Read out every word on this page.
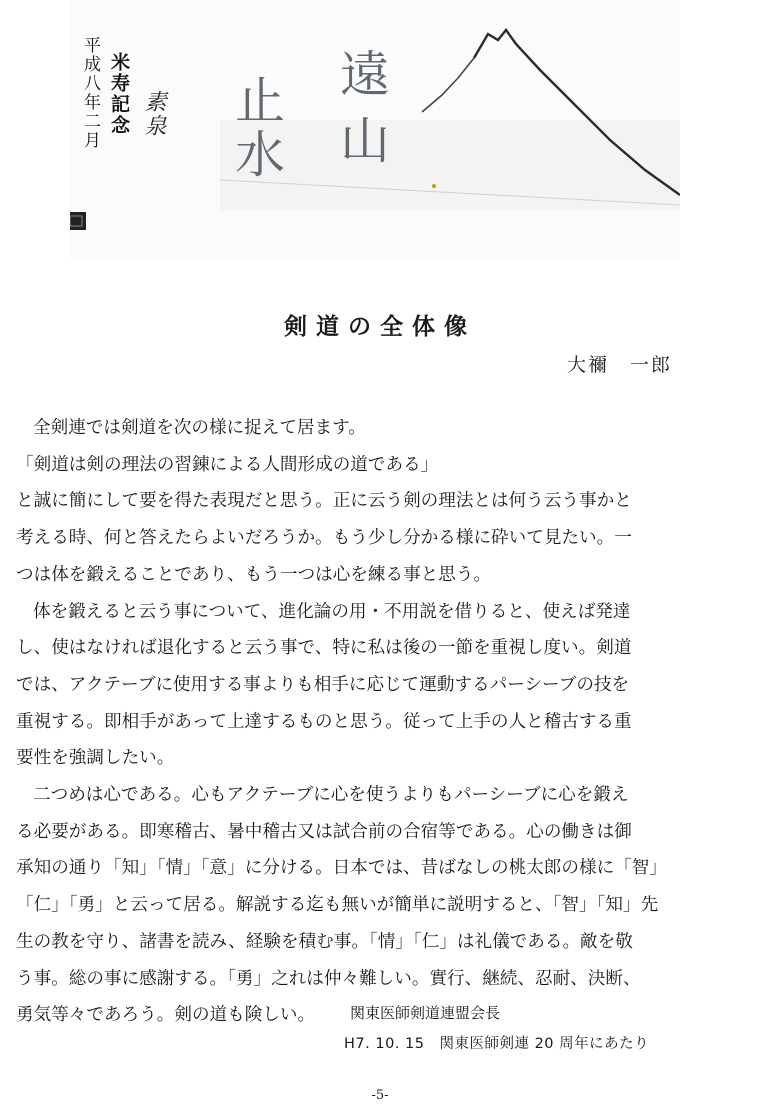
遠
山
止
水
平成八年二月 米寿記念 素泉
剣道の全体像
大禰　一郎

全剣連では剣道を次の様に捉えて居ます。

「剣道は剣の理法の習錬による人間形成の道である」

と誠に簡にして要を得た表現だと思う。正に云う剣の理法とは何う云う事かと

考える時、何と答えたらよいだろうか。もう少し分かる様に砕いて見たい。一

つは体を鍛えることであり、もう一つは心を練る事と思う。

体を鍛えると云う事について、進化論の用・不用説を借りると、使えば発達

し、使はなければ退化すると云う事で、特に私は後の一節を重視し度い。剣道

では、アクテーブに使用する事よりも相手に応じて運動するパーシーブの技を

重視する。即相手があって上達するものと思う。従って上手の人と稽古する重

要性を強調したい。

二つめは心である。心もアクテーブに心を使うよりもパーシーブに心を鍛え

る必要がある。即寒稽古、暑中稽古又は試合前の合宿等である。心の働きは御

承知の通り「知」「情」「意」に分ける。日本では、昔ばなしの桃太郎の様に「智」

「仁」「勇」と云って居る。解説する迄も無いが簡単に説明すると、「智」「知」先

生の教を守り、諸書を読み、経験を積む事。「情」「仁」は礼儀である。敵を敬

う事。総の事に感謝する。「勇」之れは仲々難しい。實行、継続、忍耐、決断、

勇気等々であろう。剣の道も険しい。	関東医師剣道連盟会長
H7. 10. 15　関東医師剣連 20 周年にあたり
-5-
